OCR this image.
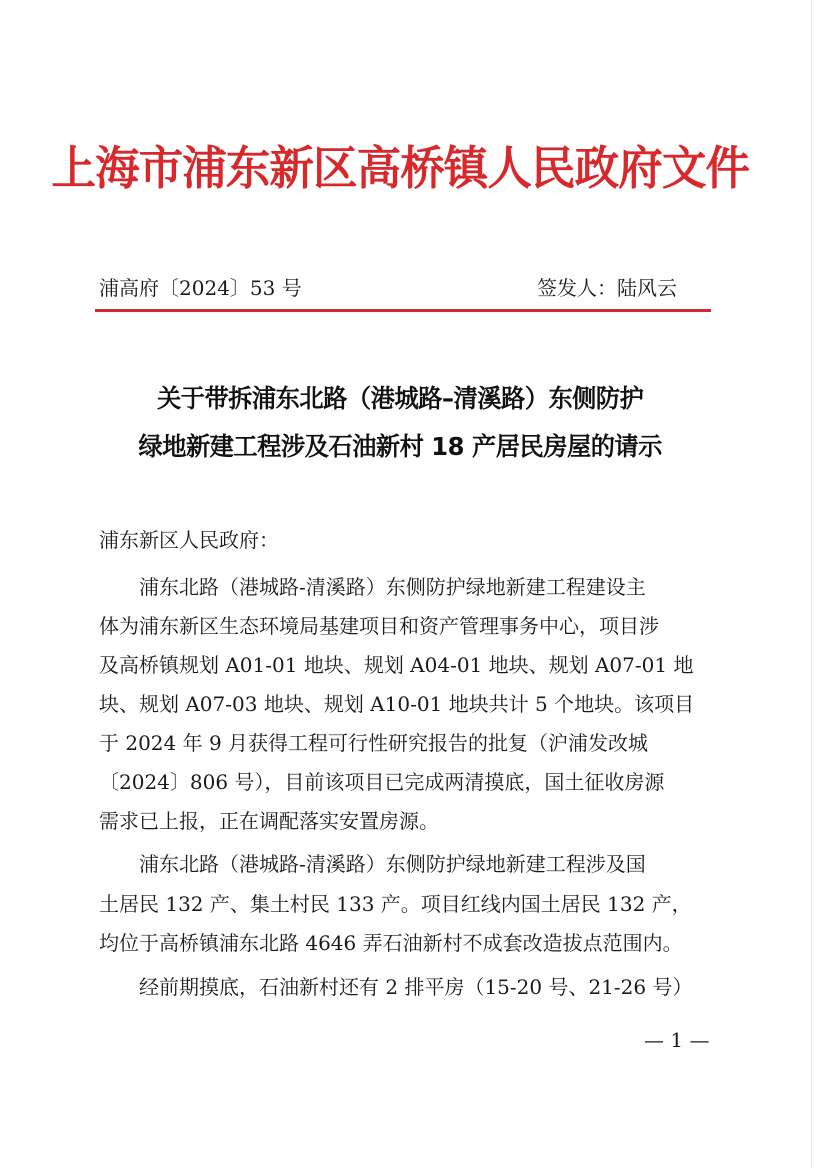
上海市浦东新区高桥镇人民政府文件
浦高府〔2024〕53 号	签发人：陆风云
关于带拆浦东北路（港城路–清溪路）东侧防护
绿地新建工程涉及石油新村 18 产居民房屋的请示
浦东新区人民政府：
浦东北路（港城路-清溪路）东侧防护绿地新建工程建设主
体为浦东新区生态环境局基建项目和资产管理事务中心，项目涉
及高桥镇规划 A01-01 地块、规划 A04-01 地块、规划 A07-01 地
块、规划 A07-03 地块、规划 A10-01 地块共计 5 个地块。该项目
于 2024 年 9 月获得工程可行性研究报告的批复（沪浦发改城
〔2024〕806 号），目前该项目已完成两清摸底，国土征收房源
需求已上报，正在调配落实安置房源。
浦东北路（港城路-清溪路）东侧防护绿地新建工程涉及国
土居民 132 产、集土村民 133 产。项目红线内国土居民 132 产，
均位于高桥镇浦东北路 4646 弄石油新村不成套改造拔点范围内。
经前期摸底，石油新村还有 2 排平房（15-20 号、21-26 号）
— 1 —
